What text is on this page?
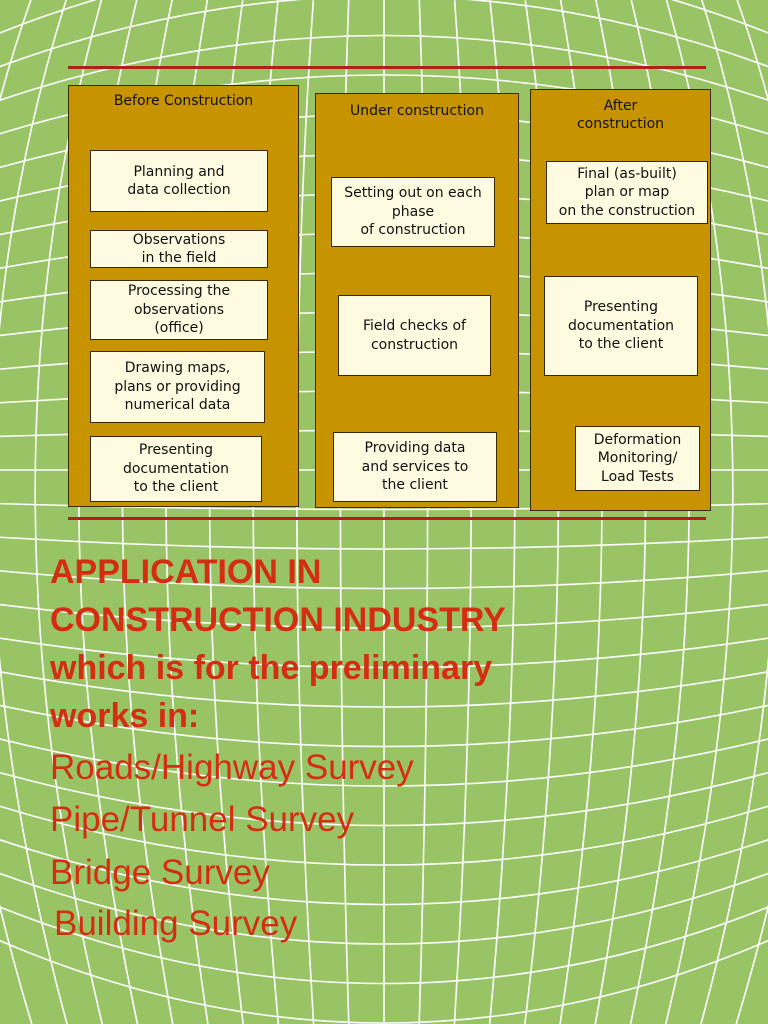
Before Construction
Planning and
data collection
Observations
in the field
Processing the
observations
(office)
Drawing maps,
plans or providing
numerical data
Presenting
documentation
to the client
Under construction
Setting out on each
phase
of construction
Field checks of
construction
Providing data
and services to
the client
After
construction
Final (as-built)
plan or map
on the construction
Presenting
documentation
to the client
Deformation
Monitoring/
Load Tests
APPLICATION IN
CONSTRUCTION INDUSTRY
which is for the preliminary
works in:
Roads/Highway Survey
Pipe/Tunnel Survey
Bridge Survey
Building Survey
